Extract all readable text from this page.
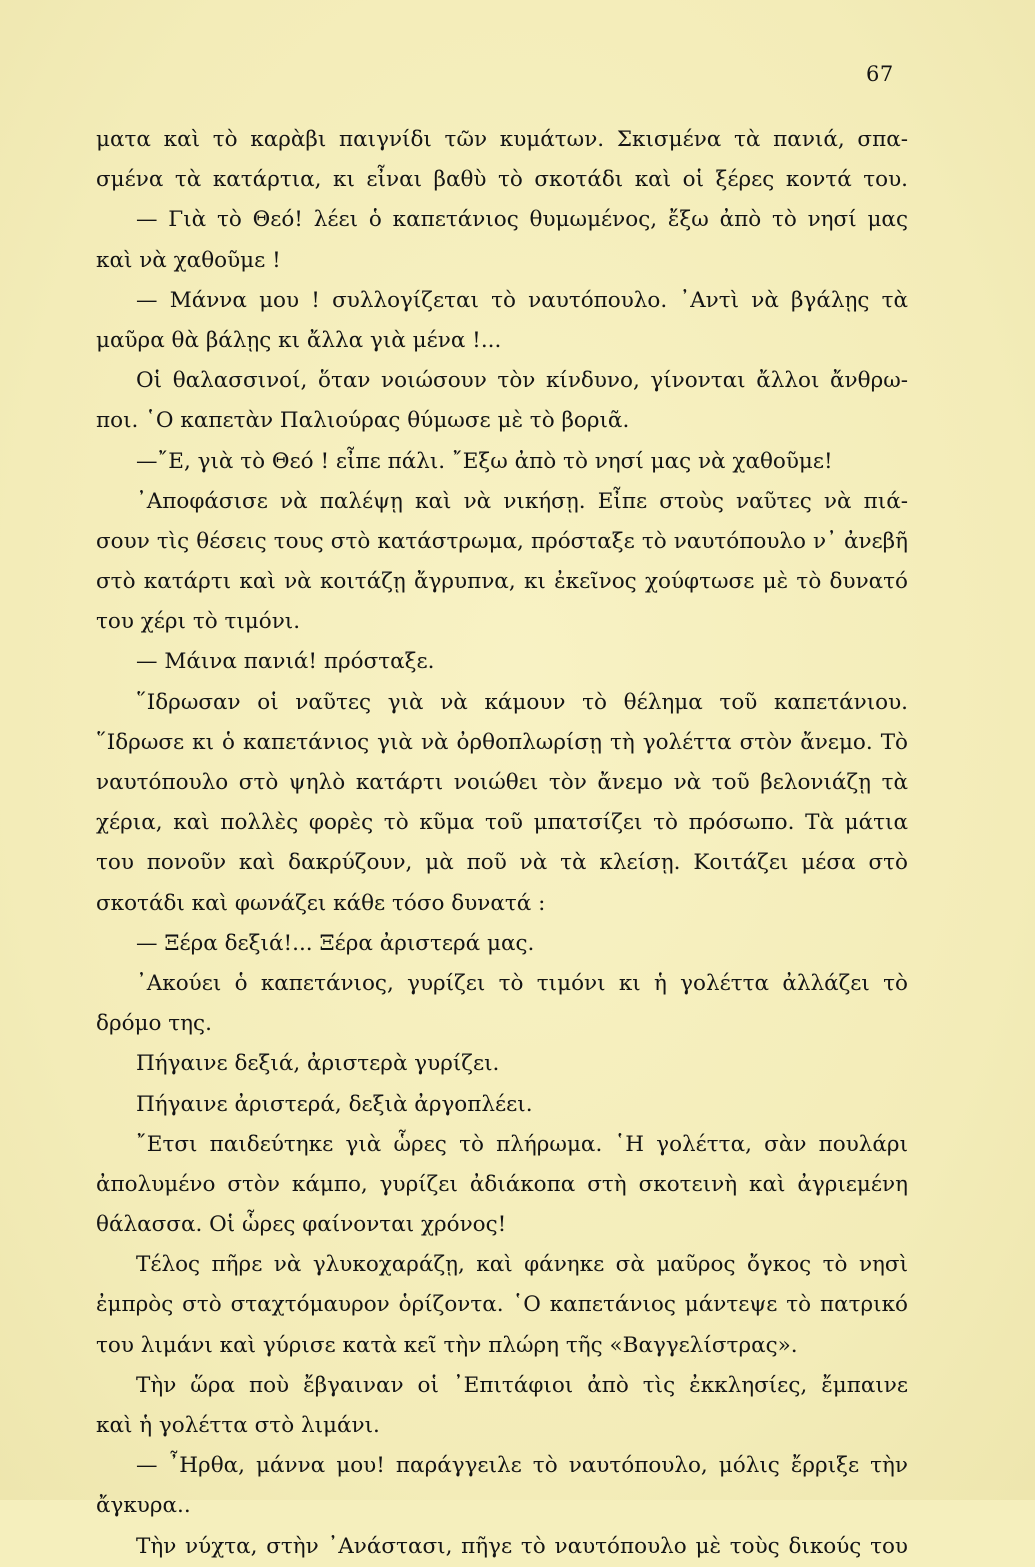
67
ματα καὶ τὸ καρὰβι παιγνίδι τῶν κυμάτων. Σκισμένα τὰ πανιά, σπα-
σμένα τὰ κατάρτια, κι εἶναι βαθὺ τὸ σκοτάδι καὶ οἱ ξέρες κοντά του.
— Γιὰ τὸ Θεό! λέει ὁ καπετάνιος θυμωμένος, ἔξω ἀπὸ τὸ νησί μας
καὶ νὰ χαθοῦμε !
— Μάννα μου ! συλλογίζεται τὸ ναυτόπουλο. ᾿Αντὶ νὰ βγάλῃς τὰ
μαῦρα θὰ βάλῃς κι ἄλλα γιὰ μένα !...
Οἱ θαλασσινοί, ὅταν νοιώσουν τὸν κίνδυνο, γίνονται ἄλλοι ἄνθρω-
ποι. ῾Ο καπετὰν Παλιούρας θύμωσε μὲ τὸ βοριᾶ.
—῎Ε, γιὰ τὸ Θεό ! εἶπε πάλι. ῎Εξω ἀπὸ τὸ νησί μας νὰ χαθοῦμε!
᾿Αποφάσισε νὰ παλέψῃ καὶ νὰ νικήσῃ. Εἶπε στοὺς ναῦτες νὰ πιά-
σουν τὶς θέσεις τους στὸ κατάστρωμα, πρόσταξε τὸ ναυτόπουλο ν᾿ ἀνεβῆ
στὸ κατάρτι καὶ νὰ κοιτάζῃ ἄγρυπνα, κι ἐκεῖνος χούφτωσε μὲ τὸ δυνατό
του χέρι τὸ τιμόνι.
— Μάινα πανιά! πρόσταξε.
῞Ιδρωσαν οἱ ναῦτες γιὰ νὰ κάμουν τὸ θέλημα τοῦ καπετάνιου.
῞Ιδρωσε κι ὁ καπετάνιος γιὰ νὰ ὀρθοπλωρίσῃ τὴ γολέττα στὸν ἄνεμο. Τὸ
ναυτόπουλο στὸ ψηλὸ κατάρτι νοιώθει τὸν ἄνεμο νὰ τοῦ βελονιάζῃ τὰ
χέρια, καὶ πολλὲς φορὲς τὸ κῦμα τοῦ μπατσίζει τὸ πρόσωπο. Τὰ μάτια
του πονοῦν καὶ δακρύζουν, μὰ ποῦ νὰ τὰ κλείσῃ. Κοιτάζει μέσα στὸ
σκοτάδι καὶ φωνάζει κάθε τόσο δυνατά :
— Ξέρα δεξιά!... Ξέρα ἀριστερά μας.
᾿Ακούει ὁ καπετάνιος, γυρίζει τὸ τιμόνι κι ἡ γολέττα ἀλλάζει τὸ
δρόμο της.
Πήγαινε δεξιά, ἀριστερὰ γυρίζει.
Πήγαινε ἀριστερά, δεξιὰ ἀργοπλέει.
῎Ετσι παιδεύτηκε γιὰ ὧρες τὸ πλήρωμα. ῾Η γολέττα, σὰν πουλάρι
ἀπολυμένο στὸν κάμπο, γυρίζει ἀδιάκοπα στὴ σκοτεινὴ καὶ ἀγριεμένη
θάλασσα. Οἱ ὧρες φαίνονται χρόνος!
Τέλος πῆρε νὰ γλυκοχαράζῃ, καὶ φάνηκε σὰ μαῦρος ὄγκος τὸ νησὶ
ἐμπρὸς στὸ σταχτόμαυρον ὁρίζοντα. ῾Ο καπετάνιος μάντεψε τὸ πατρικό
του λιμάνι καὶ γύρισε κατὰ κεῖ τὴν πλώρη τῆς «Βαγγελίστρας».
Τὴν ὥρα ποὺ ἔβγαιναν οἱ ᾿Επιτάφιοι ἀπὸ τὶς ἐκκλησίες, ἔμπαινε
καὶ ἡ γολέττα στὸ λιμάνι.
— ῏Ηρθα, μάννα μου! παράγγειλε τὸ ναυτόπουλο, μόλις ἔρριξε τὴν
ἄγκυρα..
Τὴν νύχτα, στὴν ᾿Ανάστασι, πῆγε τὸ ναυτόπουλο μὲ τοὺς δικούς του
